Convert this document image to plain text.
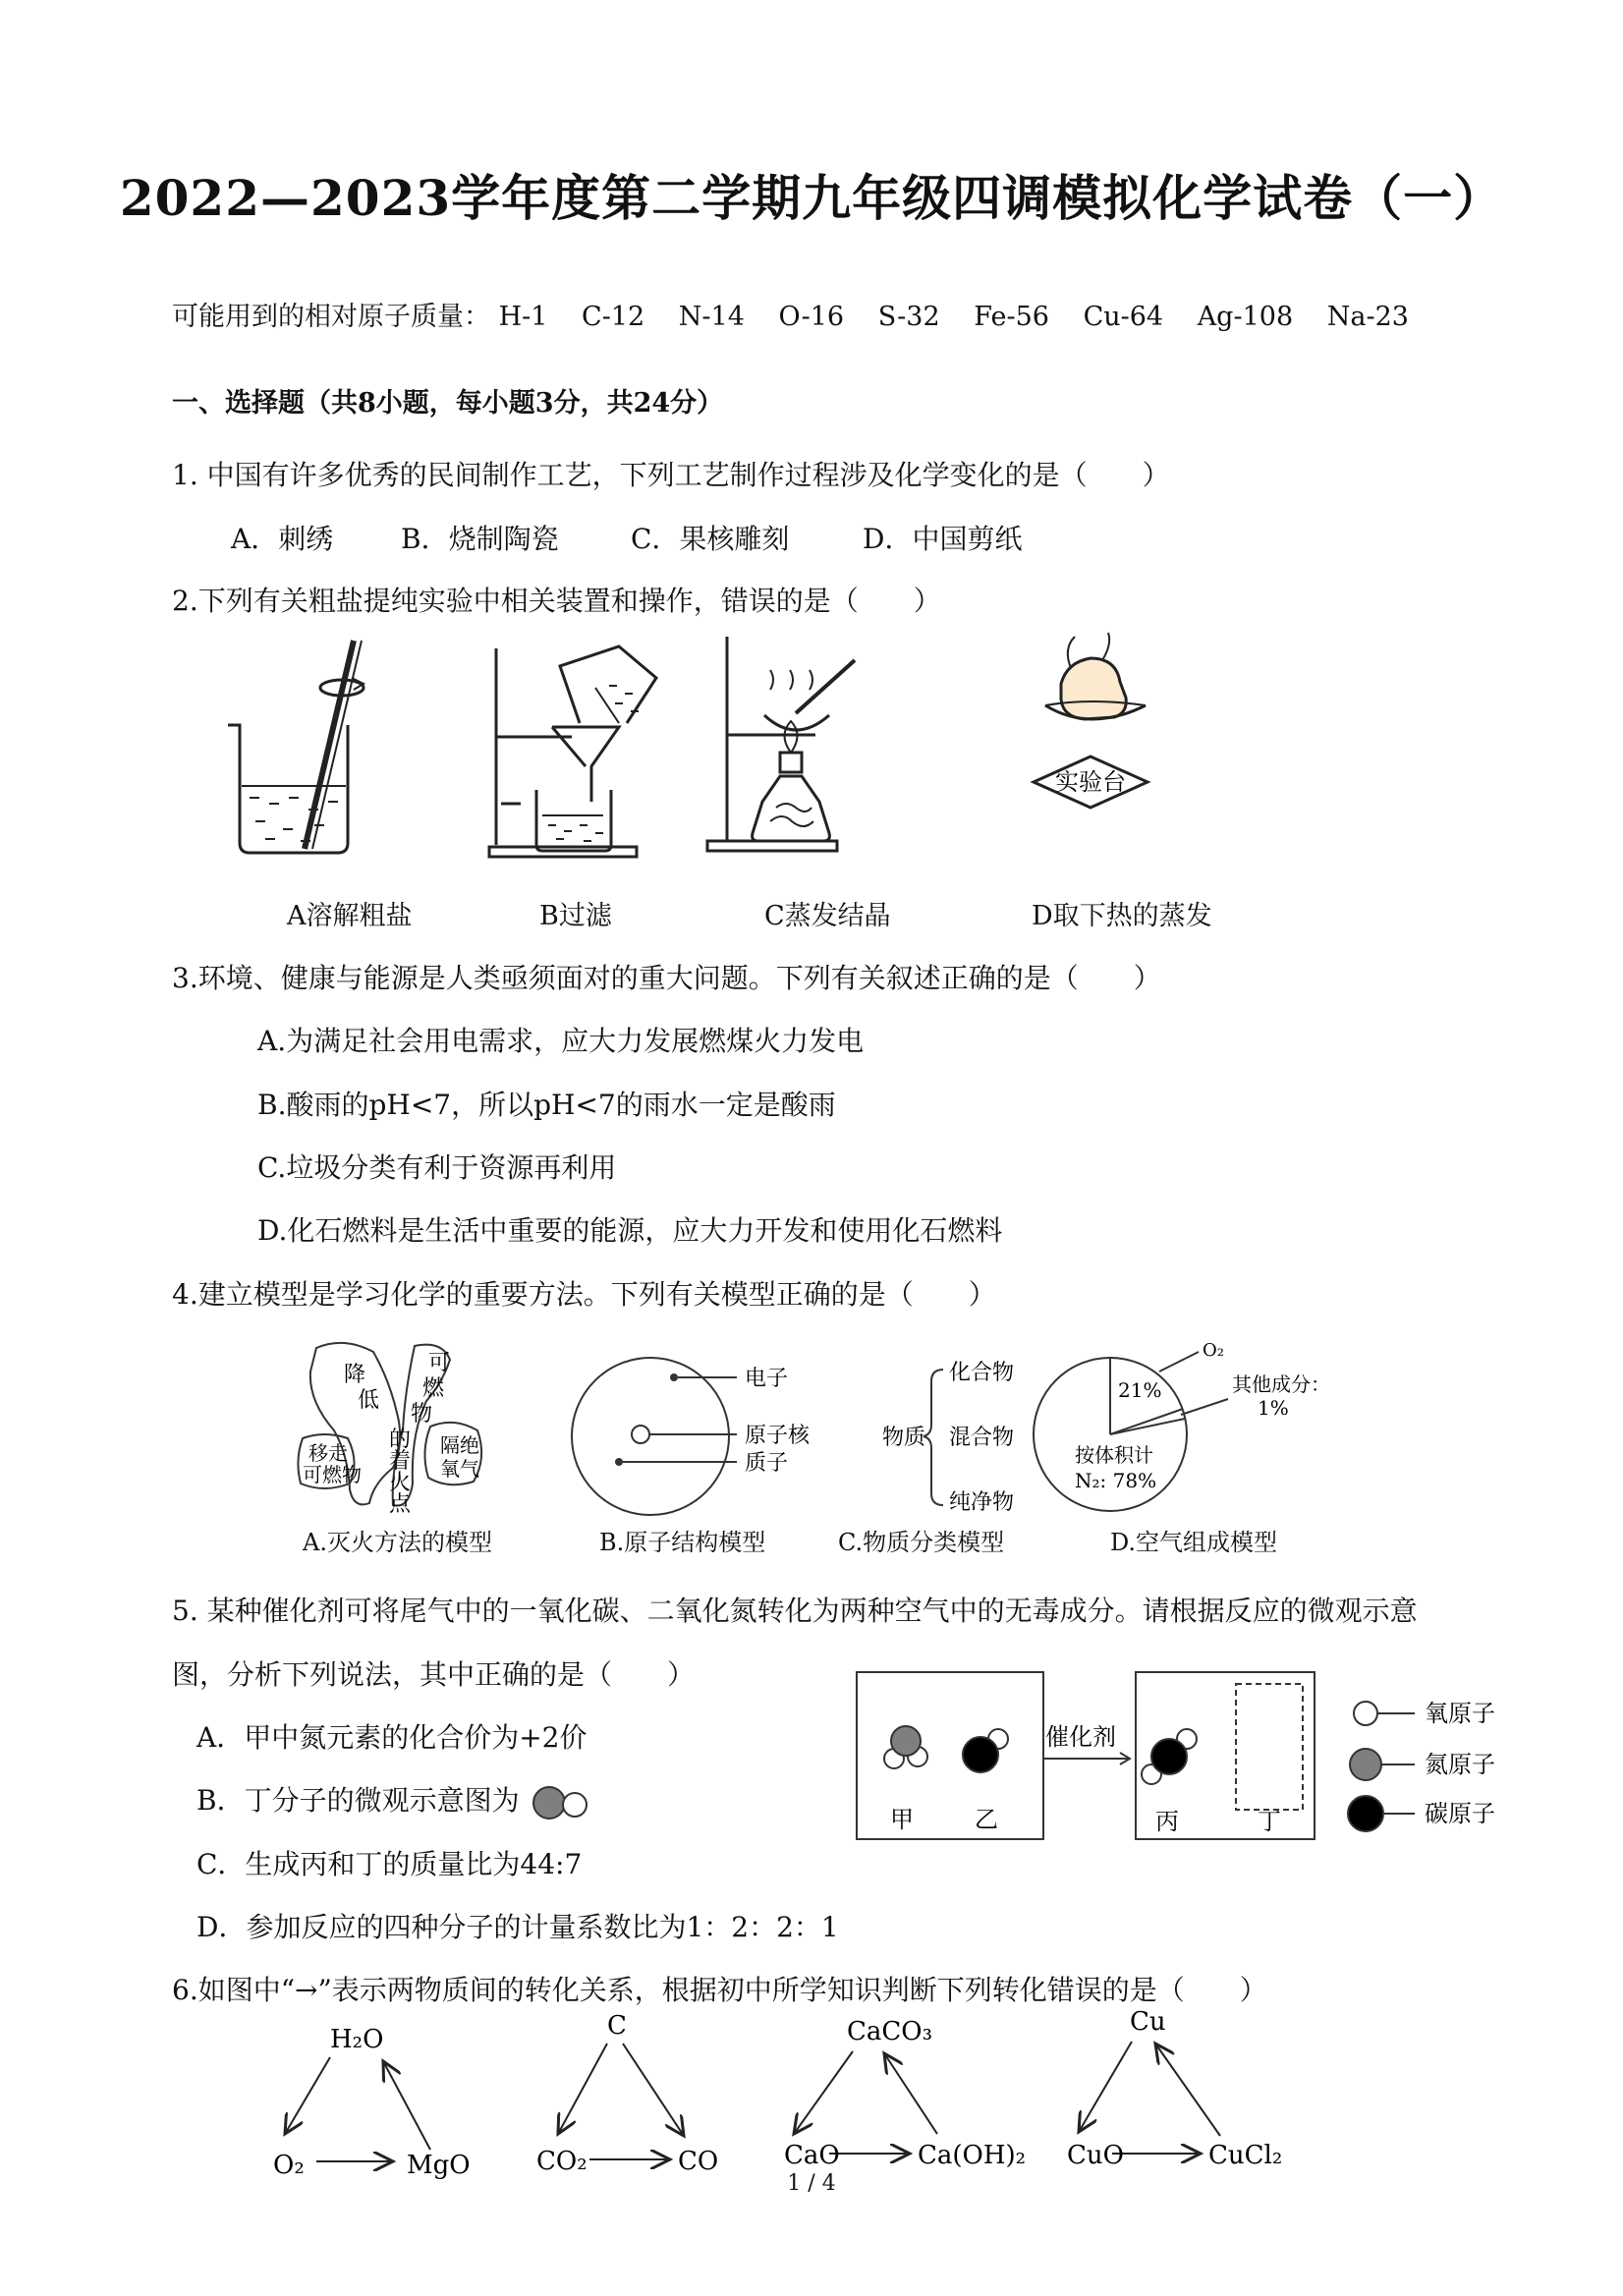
2022—2023学年度第二学期九年级四调模拟化学试卷（一）
可能用到的相对原子质量： H-1 C-12 N-14 O-16 S-32 Fe-56 Cu-64 Ag-108 Na-23
一、选择题（共8小题，每小题3分，共24分）
1. 中国有许多优秀的民间制作工艺，下列工艺制作过程涉及化学变化的是（　　）
A．刺绣 B．烧制陶瓷	C．果核雕刻	D．中国剪纸
2.下列有关粗盐提纯实验中相关装置和操作，错误的是（　　）
实验台
A溶解粗盐	B过滤	C蒸发结晶	D取下热的蒸发
3.环境、健康与能源是人类亟须面对的重大问题。下列有关叙述正确的是（　　）
A.为满足社会用电需求，应大力发展燃煤火力发电
B.酸雨的pH<7，所以pH<7的雨水一定是酸雨
C.垃圾分类有利于资源再利用
D.化石燃料是生活中重要的能源，应大力开发和使用化石燃料
4.建立模型是学习化学的重要方法。下列有关模型正确的是（　　）
降
低
可
燃
物
的
着
火
点
移走
可燃物
隔绝
氧气
电子
原子核
质子
物质
化合物
混合物
纯净物
O₂
21%	其他成分：
1%
按体积计
N₂: 78%
A.灭火方法的模型	B.原子结构模型	C.物质分类模型	D.空气组成模型
5. 某种催化剂可将尾气中的一氧化碳、二氧化氮转化为两种空气中的无毒成分。请根据反应的微观示意
图，分析下列说法，其中正确的是（　　）
A．甲中氮元素的化合价为+2价
B．丁分子的微观示意图为
C．生成丙和丁的质量比为44:7
D．参加反应的四种分子的计量系数比为1：2：2：1
甲	乙
催化剂
丙	丁
氧原子
氮原子
碳原子
6.如图中“→”表示两物质间的转化关系，根据初中所学知识判断下列转化错误的是（　　）
H₂O
O₂	MgO
C
CO₂	CO
CaCO₃
CaO	Ca(OH)₂
Cu
CuO	CuCl₂
1 / 4
